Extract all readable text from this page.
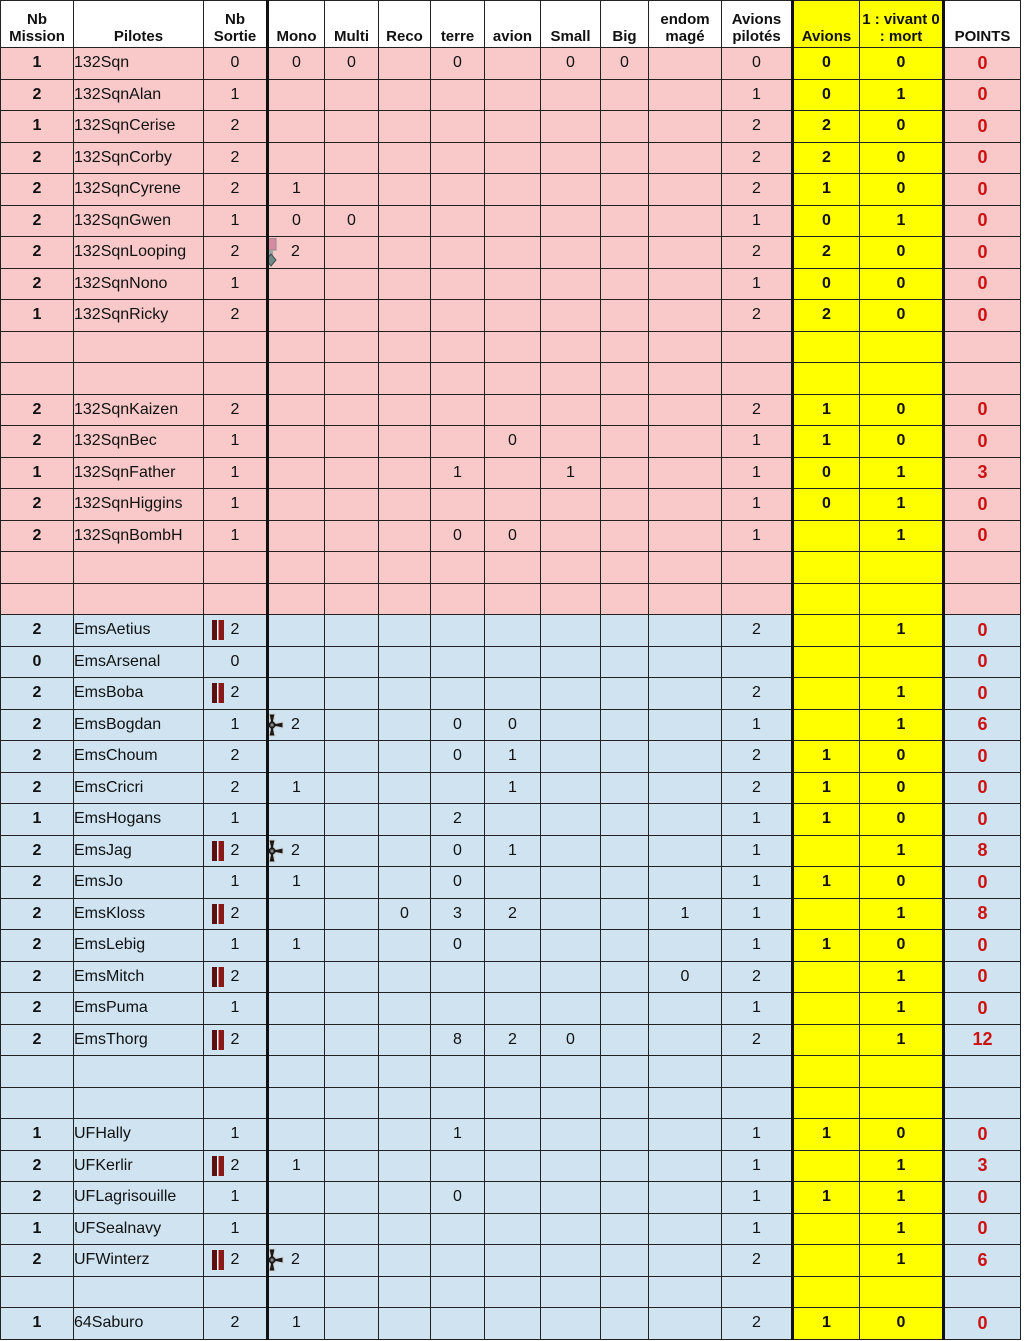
Nb Mission	Pilotes	Nb Sortie	Mono	Multi	Reco	terre	avion	Small	Big	endom magé	Avions pilotés	Avions	1 : vivant 0 : mort	POINTS
1	132Sqn	0	0	0		0		0	0		0	0	0	0
2	132SqnAlan	1									1	0	1	0
1	132SqnCerise	2									2	2	0	0
2	132SqnCorby	2									2	2	0	0
2	132SqnCyrene	2	1								2	1	0	0
2	132SqnGwen	1	0	0							1	0	1	0
2	132SqnLooping	2	2								2	2	0	0
2	132SqnNono	1									1	0	0	0
1	132SqnRicky	2									2	2	0	0

2	132SqnKaizen	2									2	1	0	0
2	132SqnBec	1					0				1	1	0	0
1	132SqnFather	1				1		1			1	0	1	3
2	132SqnHiggins	1									1	0	1	0
2	132SqnBombH	1				0	0				1		1	0

2	EmsAetius	2									2		1	0
0	EmsArsenal	0												0
2	EmsBoba	2									2		1	0
2	EmsBogdan	1	2			0	0				1		1	6
2	EmsChoum	2				0	1				2	1	0	0
2	EmsCricri	2	1				1				2	1	0	0
1	EmsHogans	1				2					1	1	0	0
2	EmsJag	2	2			0	1				1		1	8
2	EmsJo	1	1			0					1	1	0	0
2	EmsKloss	2			0	3	2			1	1		1	8
2	EmsLebig	1	1			0					1	1	0	0
2	EmsMitch	2								0	2		1	0
2	EmsPuma	1									1		1	0
2	EmsThorg	2				8	2	0			2		1	12

1	UFHally	1				1					1	1	0	0
2	UFKerlir	2	1								1		1	3
2	UFLagrisouille	1				0					1	1	1	0
1	UFSealnavy	1									1		1	0
2	UFWinterz	2	2								2		1	6

1	64Saburo	2	1								2	1	0	0
